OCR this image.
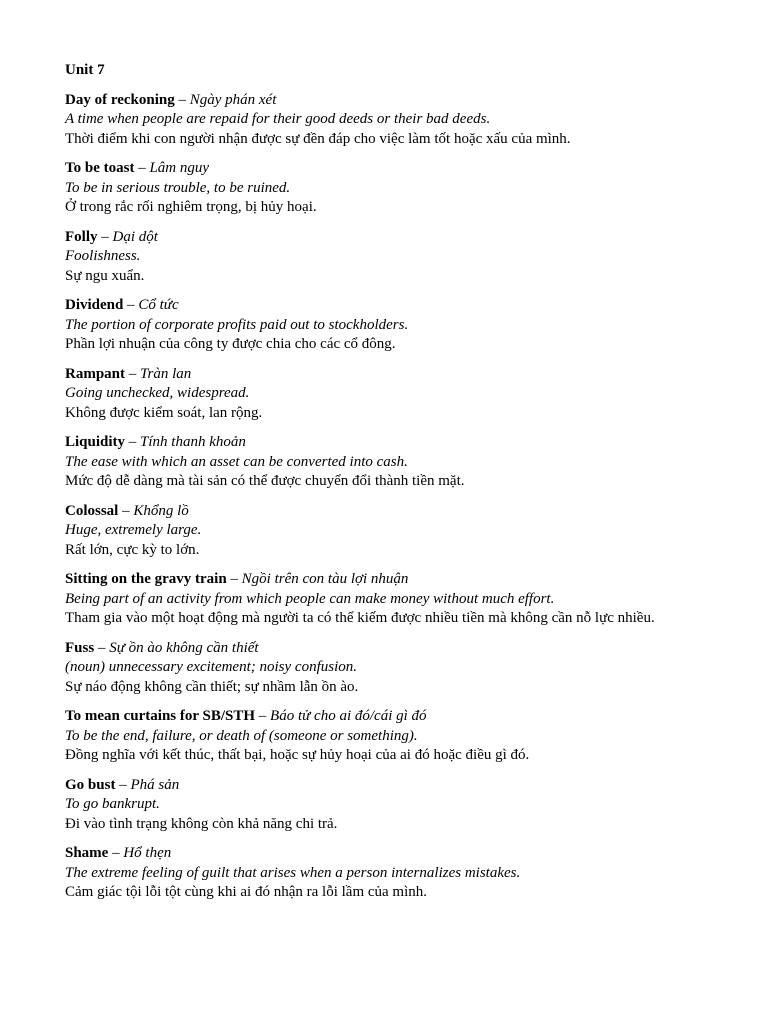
Unit 7
Day of reckoning – Ngày phán xét
A time when people are repaid for their good deeds or their bad deeds.
Thời điểm khi con người nhận được sự đền đáp cho việc làm tốt hoặc xấu của mình.
To be toast – Lâm nguy
To be in serious trouble, to be ruined.
Ở trong rắc rối nghiêm trọng, bị hủy hoại.
Folly – Dại dột
Foolishness.
Sự ngu xuẩn.
Dividend – Cổ tức
The portion of corporate profits paid out to stockholders.
Phần lợi nhuận của công ty được chia cho các cổ đông.
Rampant – Tràn lan
Going unchecked, widespread.
Không được kiểm soát, lan rộng.
Liquidity – Tính thanh khoản
The ease with which an asset can be converted into cash.
Mức độ dễ dàng mà tài sản có thể được chuyển đổi thành tiền mặt.
Colossal – Khổng lồ
Huge, extremely large.
Rất lớn, cực kỳ to lớn.
Sitting on the gravy train – Ngồi trên con tàu lợi nhuận
Being part of an activity from which people can make money without much effort.
Tham gia vào một hoạt động mà người ta có thể kiếm được nhiều tiền mà không cần nỗ lực nhiều.
Fuss – Sự ồn ào không cần thiết
(noun) unnecessary excitement; noisy confusion.
Sự náo động không cần thiết; sự nhầm lẫn ồn ào.
To mean curtains for SB/STH – Báo tử cho ai đó/cái gì đó
To be the end, failure, or death of (someone or something).
Đồng nghĩa với kết thúc, thất bại, hoặc sự hủy hoại của ai đó hoặc điều gì đó.
Go bust – Phá sản
To go bankrupt.
Đi vào tình trạng không còn khả năng chi trả.
Shame – Hổ thẹn
The extreme feeling of guilt that arises when a person internalizes mistakes.
Cảm giác tội lỗi tột cùng khi ai đó nhận ra lỗi lầm của mình.
